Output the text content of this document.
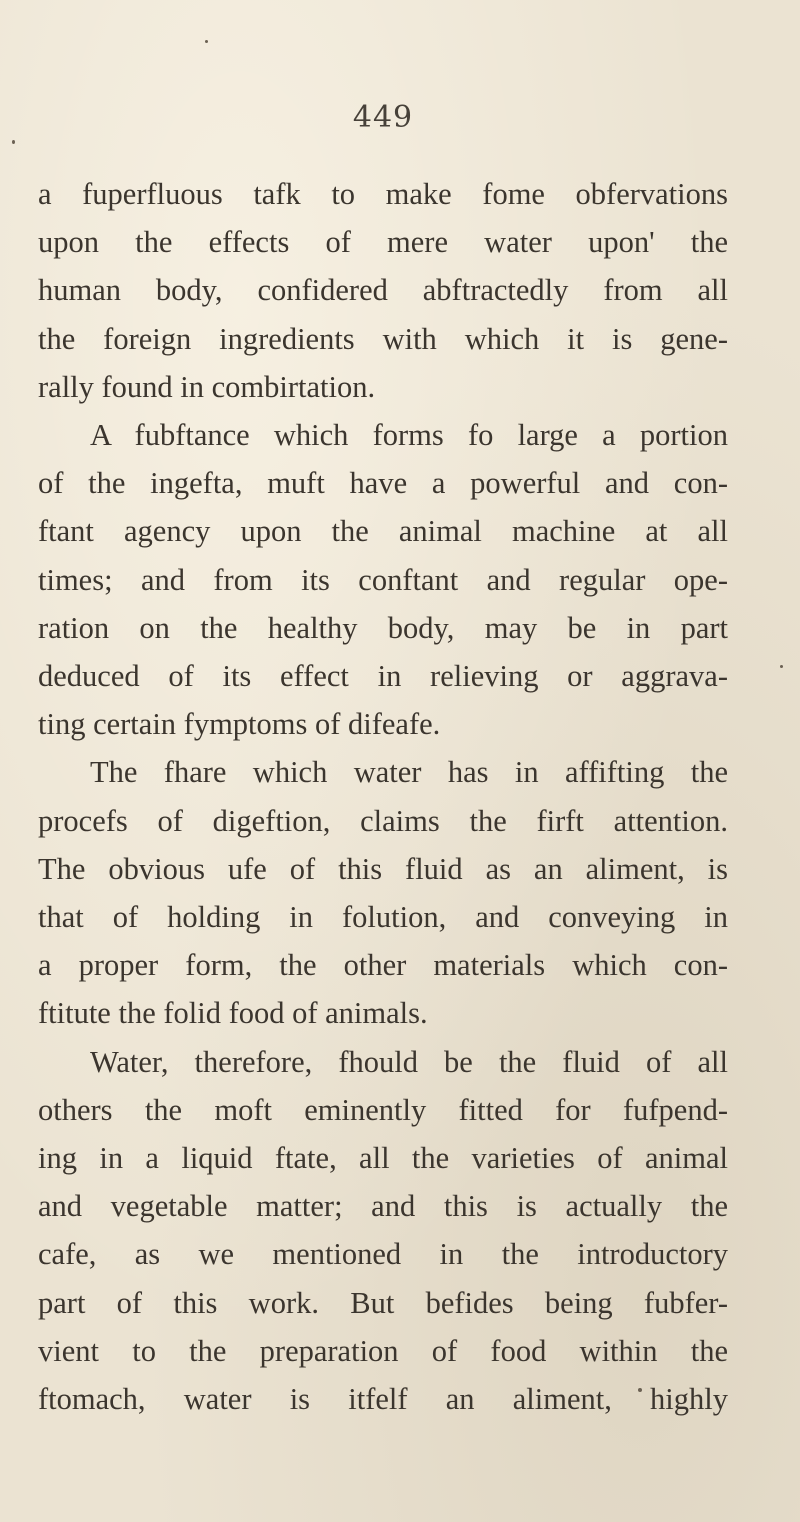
449
a fuperfluous tafk to make fome obfervations
upon the effects of mere water upon' the
human body, confidered abftractedly from all
the foreign ingredients with which it is gene-
rally found in combirtation.
A fubftance which forms fo large a portion
of the ingefta, muft have a powerful and con-
ftant agency upon the animal machine at all
times; and from its conftant and regular ope-
ration on the healthy body, may be in part
deduced of its effect in relieving or aggrava-
ting certain fymptoms of difeafe.
The fhare which water has in affifting the
procefs of digeftion, claims the firft attention.
The obvious ufe of this fluid as an aliment, is
that of holding in folution, and conveying in
a proper form, the other materials which con-
ftitute the folid food of animals.
Water, therefore, fhould be the fluid of all
others the moft eminently fitted for fufpend-
ing in a liquid ftate, all the varieties of animal
and vegetable matter; and this is actually the
cafe, as we mentioned in the introductory
part of this work. But befides being fubfer-
vient to the preparation of food within the
ftomach, water is itfelf an aliment, highly
